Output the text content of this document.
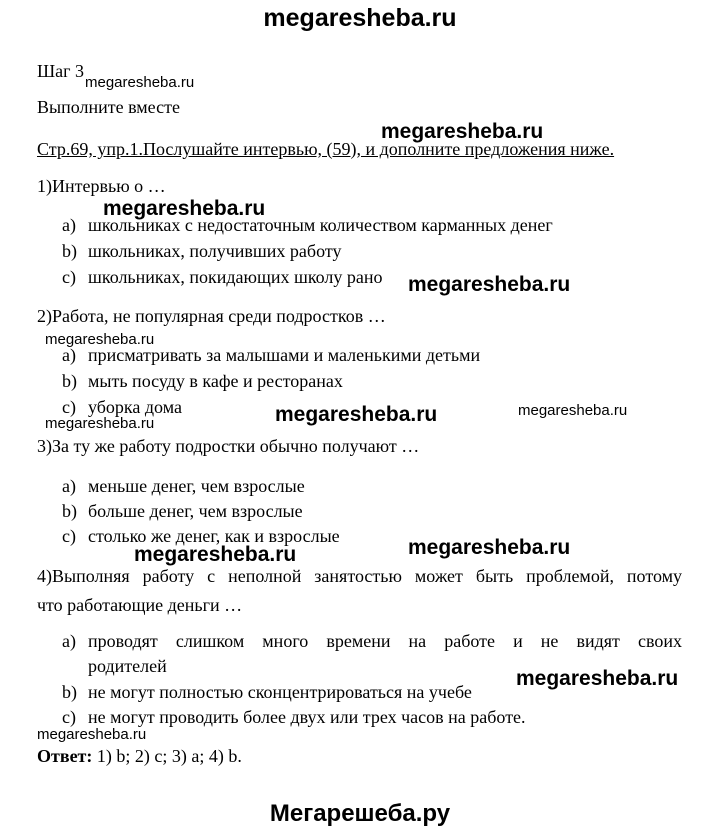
megaresheba.ru
Шаг 3
Выполните вместе
Стр.69, упр.1.Послушайте интервью, (59), и дополните предложения ниже.
1)Интервью о …
a) школьниках с недостаточным количеством карманных денег
b) школьниках, получивших работу
c) школьниках, покидающих школу рано
2)Работа, не популярная среди подростков …
a) присматривать за малышами и маленькими детьми
b) мыть посуду в кафе и ресторанах
c) уборка дома
3)За ту же работу подростки обычно получают …
a) меньше денег, чем взрослые
b) больше денег, чем взрослые
c) столько же денег, как и взрослые
4)Выполняя работу с неполной занятостью может быть проблемой, потому
что работающие деньги …
a) проводят слишком много времени на работе и не видят своих
родителей
b) не могут полностью сконцентрироваться на учебе
c) не могут проводить более двух или трех часов на работе.
Ответ: 1) b; 2) c; 3) a; 4) b.
megaresheba.ru
megaresheba.ru
megaresheba.ru
megaresheba.ru
megaresheba.ru
megaresheba.ru	megaresheba.ru
megaresheba.ru
megaresheba.ru	megaresheba.ru
megaresheba.ru
megaresheba.ru
Мегарешеба.ру
